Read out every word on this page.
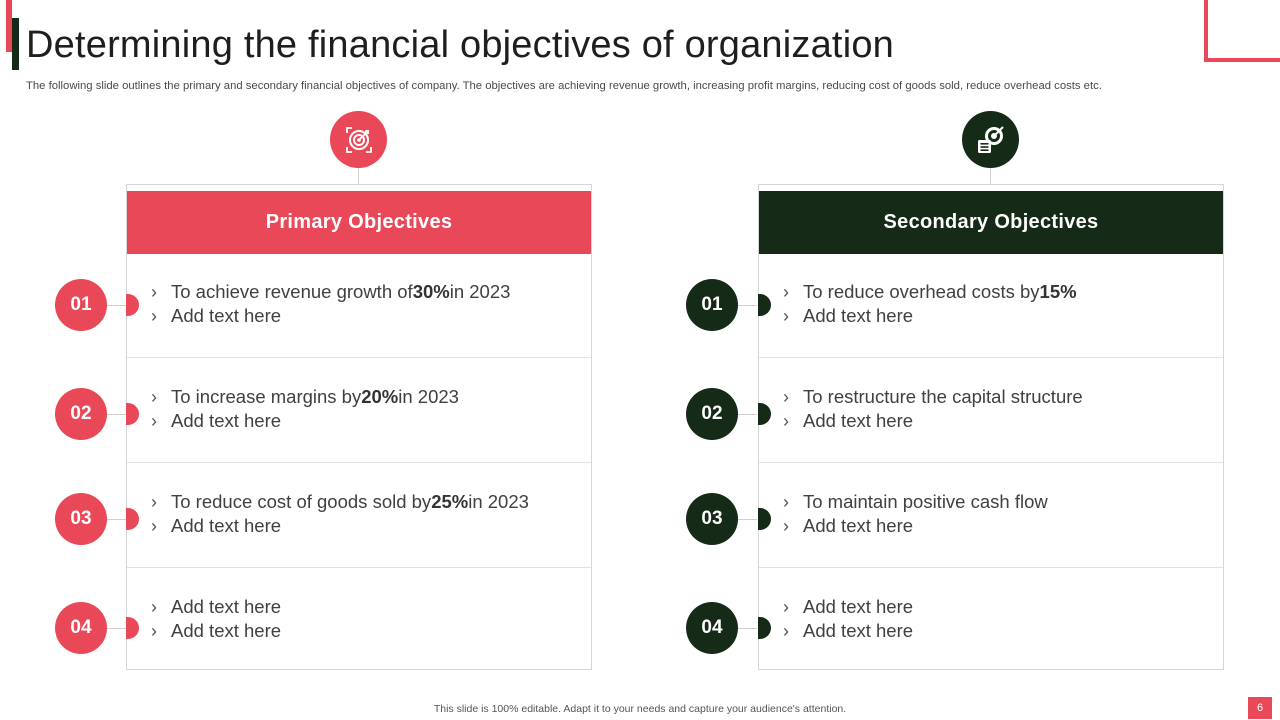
Determining the financial objectives of organization

The following slide outlines the primary and secondary financial objectives of company. The objectives are achieving revenue growth, increasing profit margins, reducing cost of goods sold, reduce overhead costs etc.

Primary Objectives
› To achieve revenue growth of 30% in 2023
› Add text here
› To increase margins by 20% in 2023
› Add text here
› To reduce cost of goods sold by 25% in 2023
› Add text here
› Add text here
› Add text here
Secondary Objectives
› To reduce overhead costs by 15%
› Add text here
› To restructure the capital structure
› Add text here
› To maintain positive cash flow
› Add text here
› Add text here
› Add text here
01
02
03
04
01
02
03
04

This slide is 100% editable. Adapt it to your needs and capture your audience's attention.	6
